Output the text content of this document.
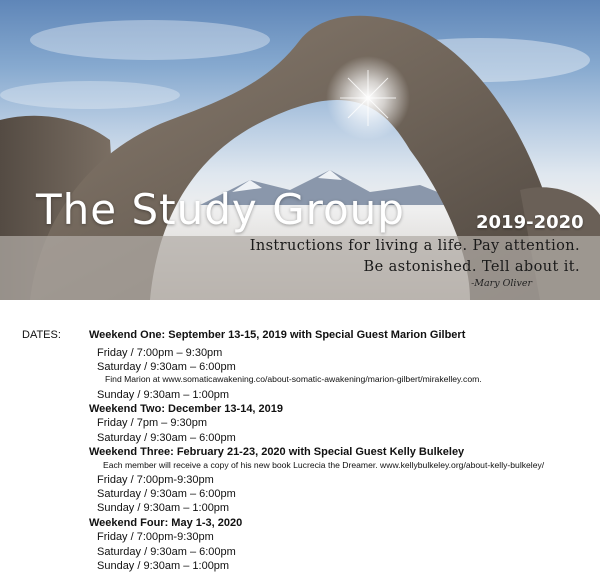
The Study Group	2019-2020
Instructions for living a life. Pay attention.
Be astonished. Tell about it.
-Mary Oliver
DATES:	Weekend One: September 13-15, 2019 with Special Guest Marion Gilbert
Friday / 7:00pm – 9:30pm
Saturday / 9:30am – 6:00pm
Find Marion at www.somaticawakening.co/about-somatic-awakening/marion-gilbert/mirakelley.com.
Sunday / 9:30am – 1:00pm
Weekend Two: December 13-14, 2019
Friday / 7pm – 9:30pm
Saturday / 9:30am – 6:00pm
Weekend Three: February 21-23, 2020 with Special Guest Kelly Bulkeley
Each member will receive a copy of his new book Lucrecia the Dreamer. www.kellybulkeley.org/about-kelly-bulkeley/
Friday / 7:00pm-9:30pm
Saturday / 9:30am – 6:00pm
Sunday / 9:30am – 1:00pm
Weekend Four: May 1-3, 2020
Friday / 7:00pm-9:30pm
Saturday / 9:30am – 6:00pm
Sunday / 9:30am – 1:00pm
